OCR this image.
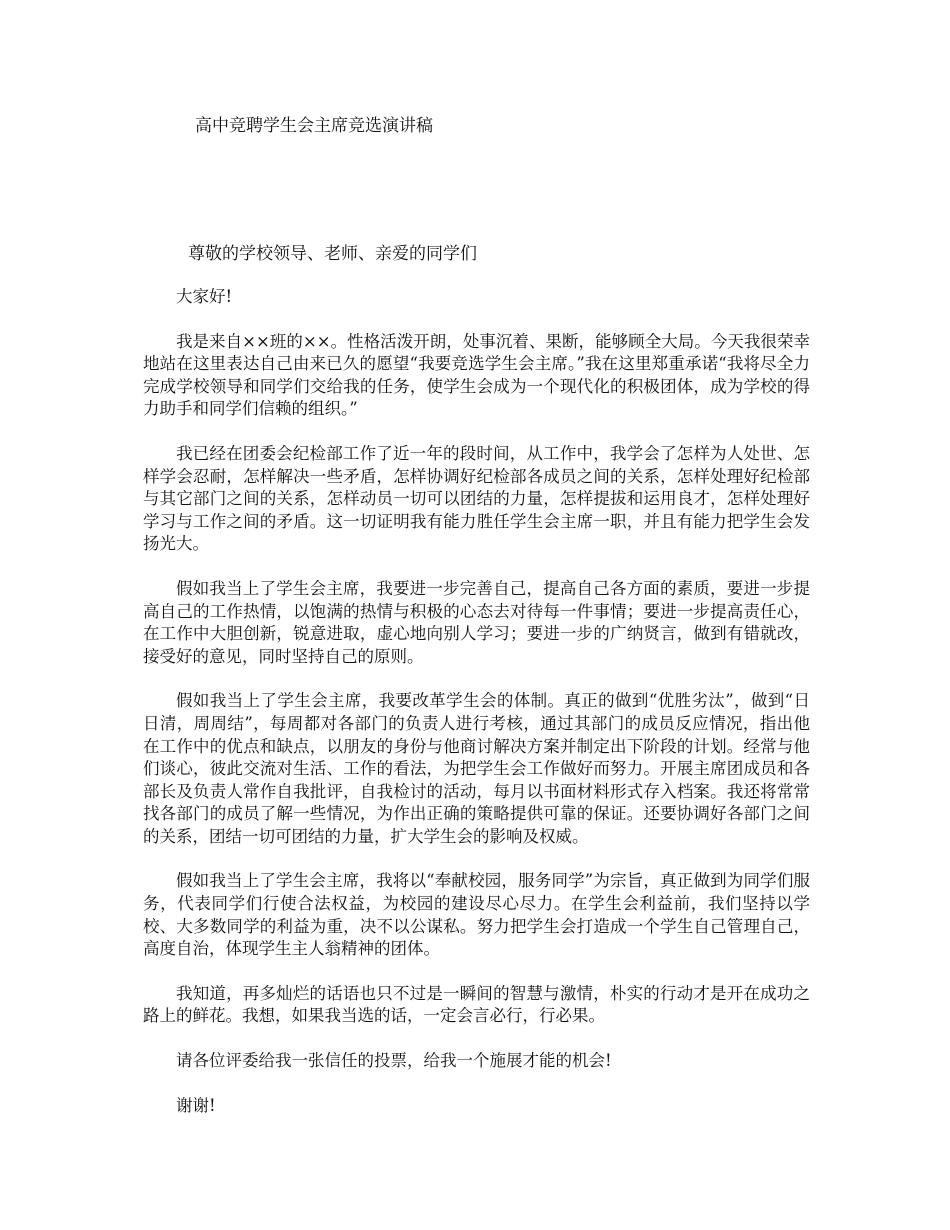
高中竞聘学生会主席竞选演讲稿
尊敬的学校领导、老师、亲爱的同学们

大家好!

我是来自××班的××。性格活泼开朗，处事沉着、果断，能够顾全大局。今天我很荣幸地站在这里表达自己由来已久的愿望“我要竞选学生会主席。”我在这里郑重承诺“我将尽全力完成学校领导和同学们交给我的任务，使学生会成为一个现代化的积极团体，成为学校的得力助手和同学们信赖的组织。”

我已经在团委会纪检部工作了近一年的段时间，从工作中，我学会了怎样为人处世、怎样学会忍耐，怎样解决一些矛盾，怎样协调好纪检部各成员之间的关系，怎样处理好纪检部与其它部门之间的关系，怎样动员一切可以团结的力量，怎样提拔和运用良才，怎样处理好学习与工作之间的矛盾。这一切证明我有能力胜任学生会主席一职，并且有能力把学生会发扬光大。

假如我当上了学生会主席，我要进一步完善自己，提高自己各方面的素质，要进一步提高自己的工作热情，以饱满的热情与积极的心态去对待每一件事情；要进一步提高责任心，在工作中大胆创新，锐意进取，虚心地向别人学习；要进一步的广纳贤言，做到有错就改，接受好的意见，同时坚持自己的原则。

假如我当上了学生会主席，我要改革学生会的体制。真正的做到“优胜劣汰”，做到“日日清，周周结”，每周都对各部门的负责人进行考核，通过其部门的成员反应情况，指出他在工作中的优点和缺点，以朋友的身份与他商讨解决方案并制定出下阶段的计划。经常与他们谈心，彼此交流对生活、工作的看法，为把学生会工作做好而努力。开展主席团成员和各部长及负责人常作自我批评，自我检讨的活动，每月以书面材料形式存入档案。我还将常常找各部门的成员了解一些情况，为作出正确的策略提供可靠的保证。还要协调好各部门之间的关系，团结一切可团结的力量，扩大学生会的影响及权威。

假如我当上了学生会主席，我将以“奉献校园，服务同学”为宗旨，真正做到为同学们服务，代表同学们行使合法权益，为校园的建设尽心尽力。在学生会利益前，我们坚持以学校、大多数同学的利益为重，决不以公谋私。努力把学生会打造成一个学生自己管理自己，高度自治，体现学生主人翁精神的团体。

我知道，再多灿烂的话语也只不过是一瞬间的智慧与激情，朴实的行动才是开在成功之路上的鲜花。我想，如果我当选的话，一定会言必行，行必果。

请各位评委给我一张信任的投票，给我一个施展才能的机会!

谢谢!
